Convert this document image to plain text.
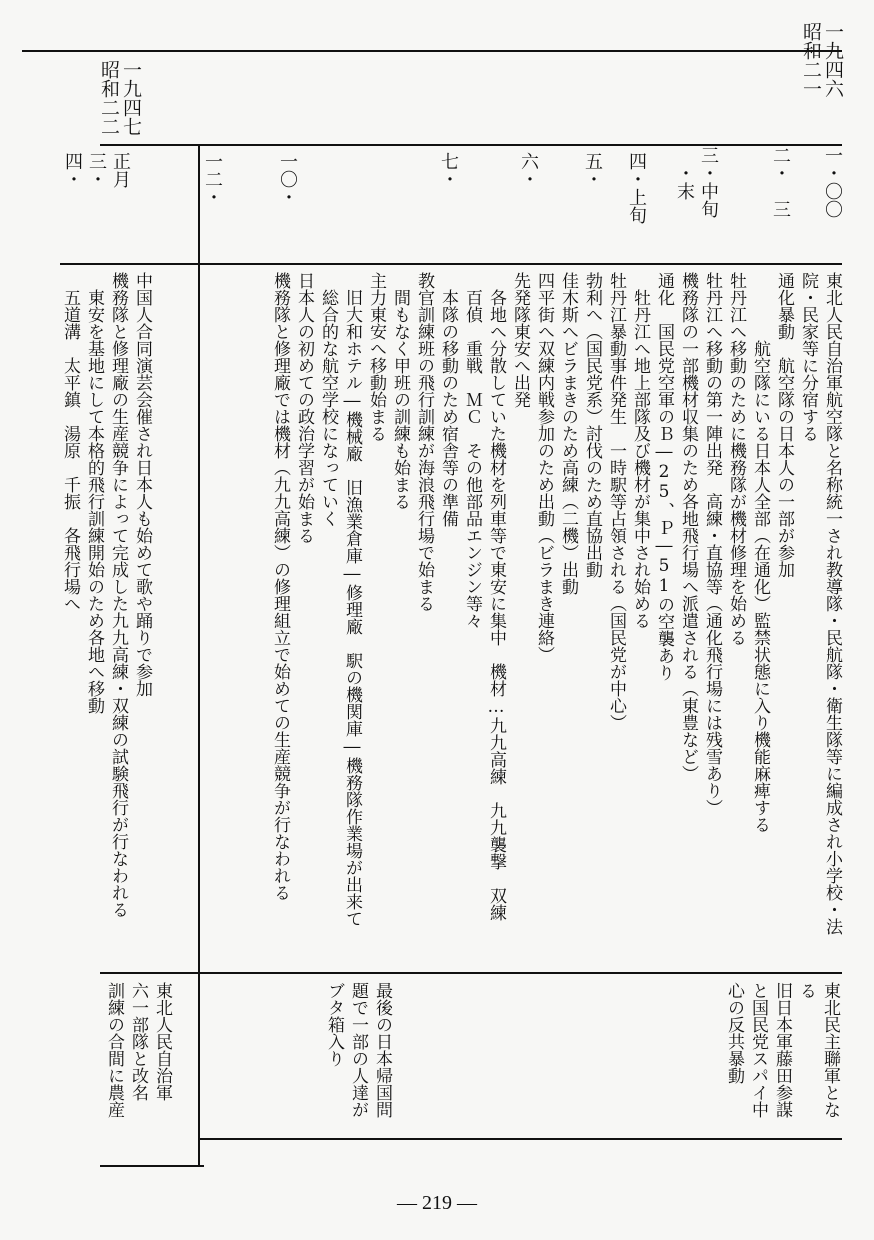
一九四六
昭和二一
一九四七
昭和二二
一・〇〇
二・　三
三・中旬
　・末
四・上旬
五・
六・
七・
一〇・
一二・
正月
三・
四・
東北人民自治軍航空隊と名称統一され教導隊・民航隊・衛生隊等に編成され小学校・法
院・民家等に分宿する
通化暴動　航空隊の日本人の一部が参加
　　　　航空隊にいる日本人全部（在通化）監禁状態に入り機能麻痺する
牡丹江へ移動のために機務隊が機材修理を始める
牡丹江へ移動の第一陣出発　高練・直協等（通化飛行場には残雪あり）
機務隊の一部機材収集のため各地飛行場へ派遣される（東豊など）
通化　国民党空軍のＢ―25、Ｐ―51の空襲あり
　牡丹江へ地上部隊及び機材が集中され始める
牡丹江暴動事件発生　一時駅等占領される（国民党が中心）
勃利へ（国民党系）討伐のため直協出動
佳木斯へビラまきのため高練（二機）出動
四平街へ双練内戦参加のため出動（ビラまき連絡）
先発隊東安へ出発
　各地へ分散していた機材を列車等で東安に集中　機材…九九高練　九九襲撃　双練
　百偵　重戦　ＭＣ　その他部品エンジン等々
　本隊の移動のため宿舎等の準備
教官訓練班の飛行訓練が海浪飛行場で始まる
　間もなく甲班の訓練も始まる
主力東安へ移動始まる
　旧大和ホテル―機械廠　旧漁業倉庫―修理廠　駅の機関庫―機務隊作業場が出来て
　総合的な航空学校になっていく
日本人の初めての政治学習が始まる
機務隊と修理廠では機材（九九高練）の修理組立で始めての生産競争が行なわれる
中国人合同演芸会催され日本人も始めて歌や踊りで参加
機務隊と修理廠の生産競争によって完成した九九高練・双練の試験飛行が行なわれる
　東安を基地にして本格的飛行訓練開始のため各地へ移動
　五道溝　太平鎮　湯原　千振　各飛行場へ
東北民主聯軍とな
る
旧日本軍藤田参謀
と国民党スパイ中
心の反共暴動
最後の日本帰国問
題で一部の人達が
ブタ箱入り
東北人民自治軍
六一部隊と改名
訓練の合間に農産
― 219 ―
